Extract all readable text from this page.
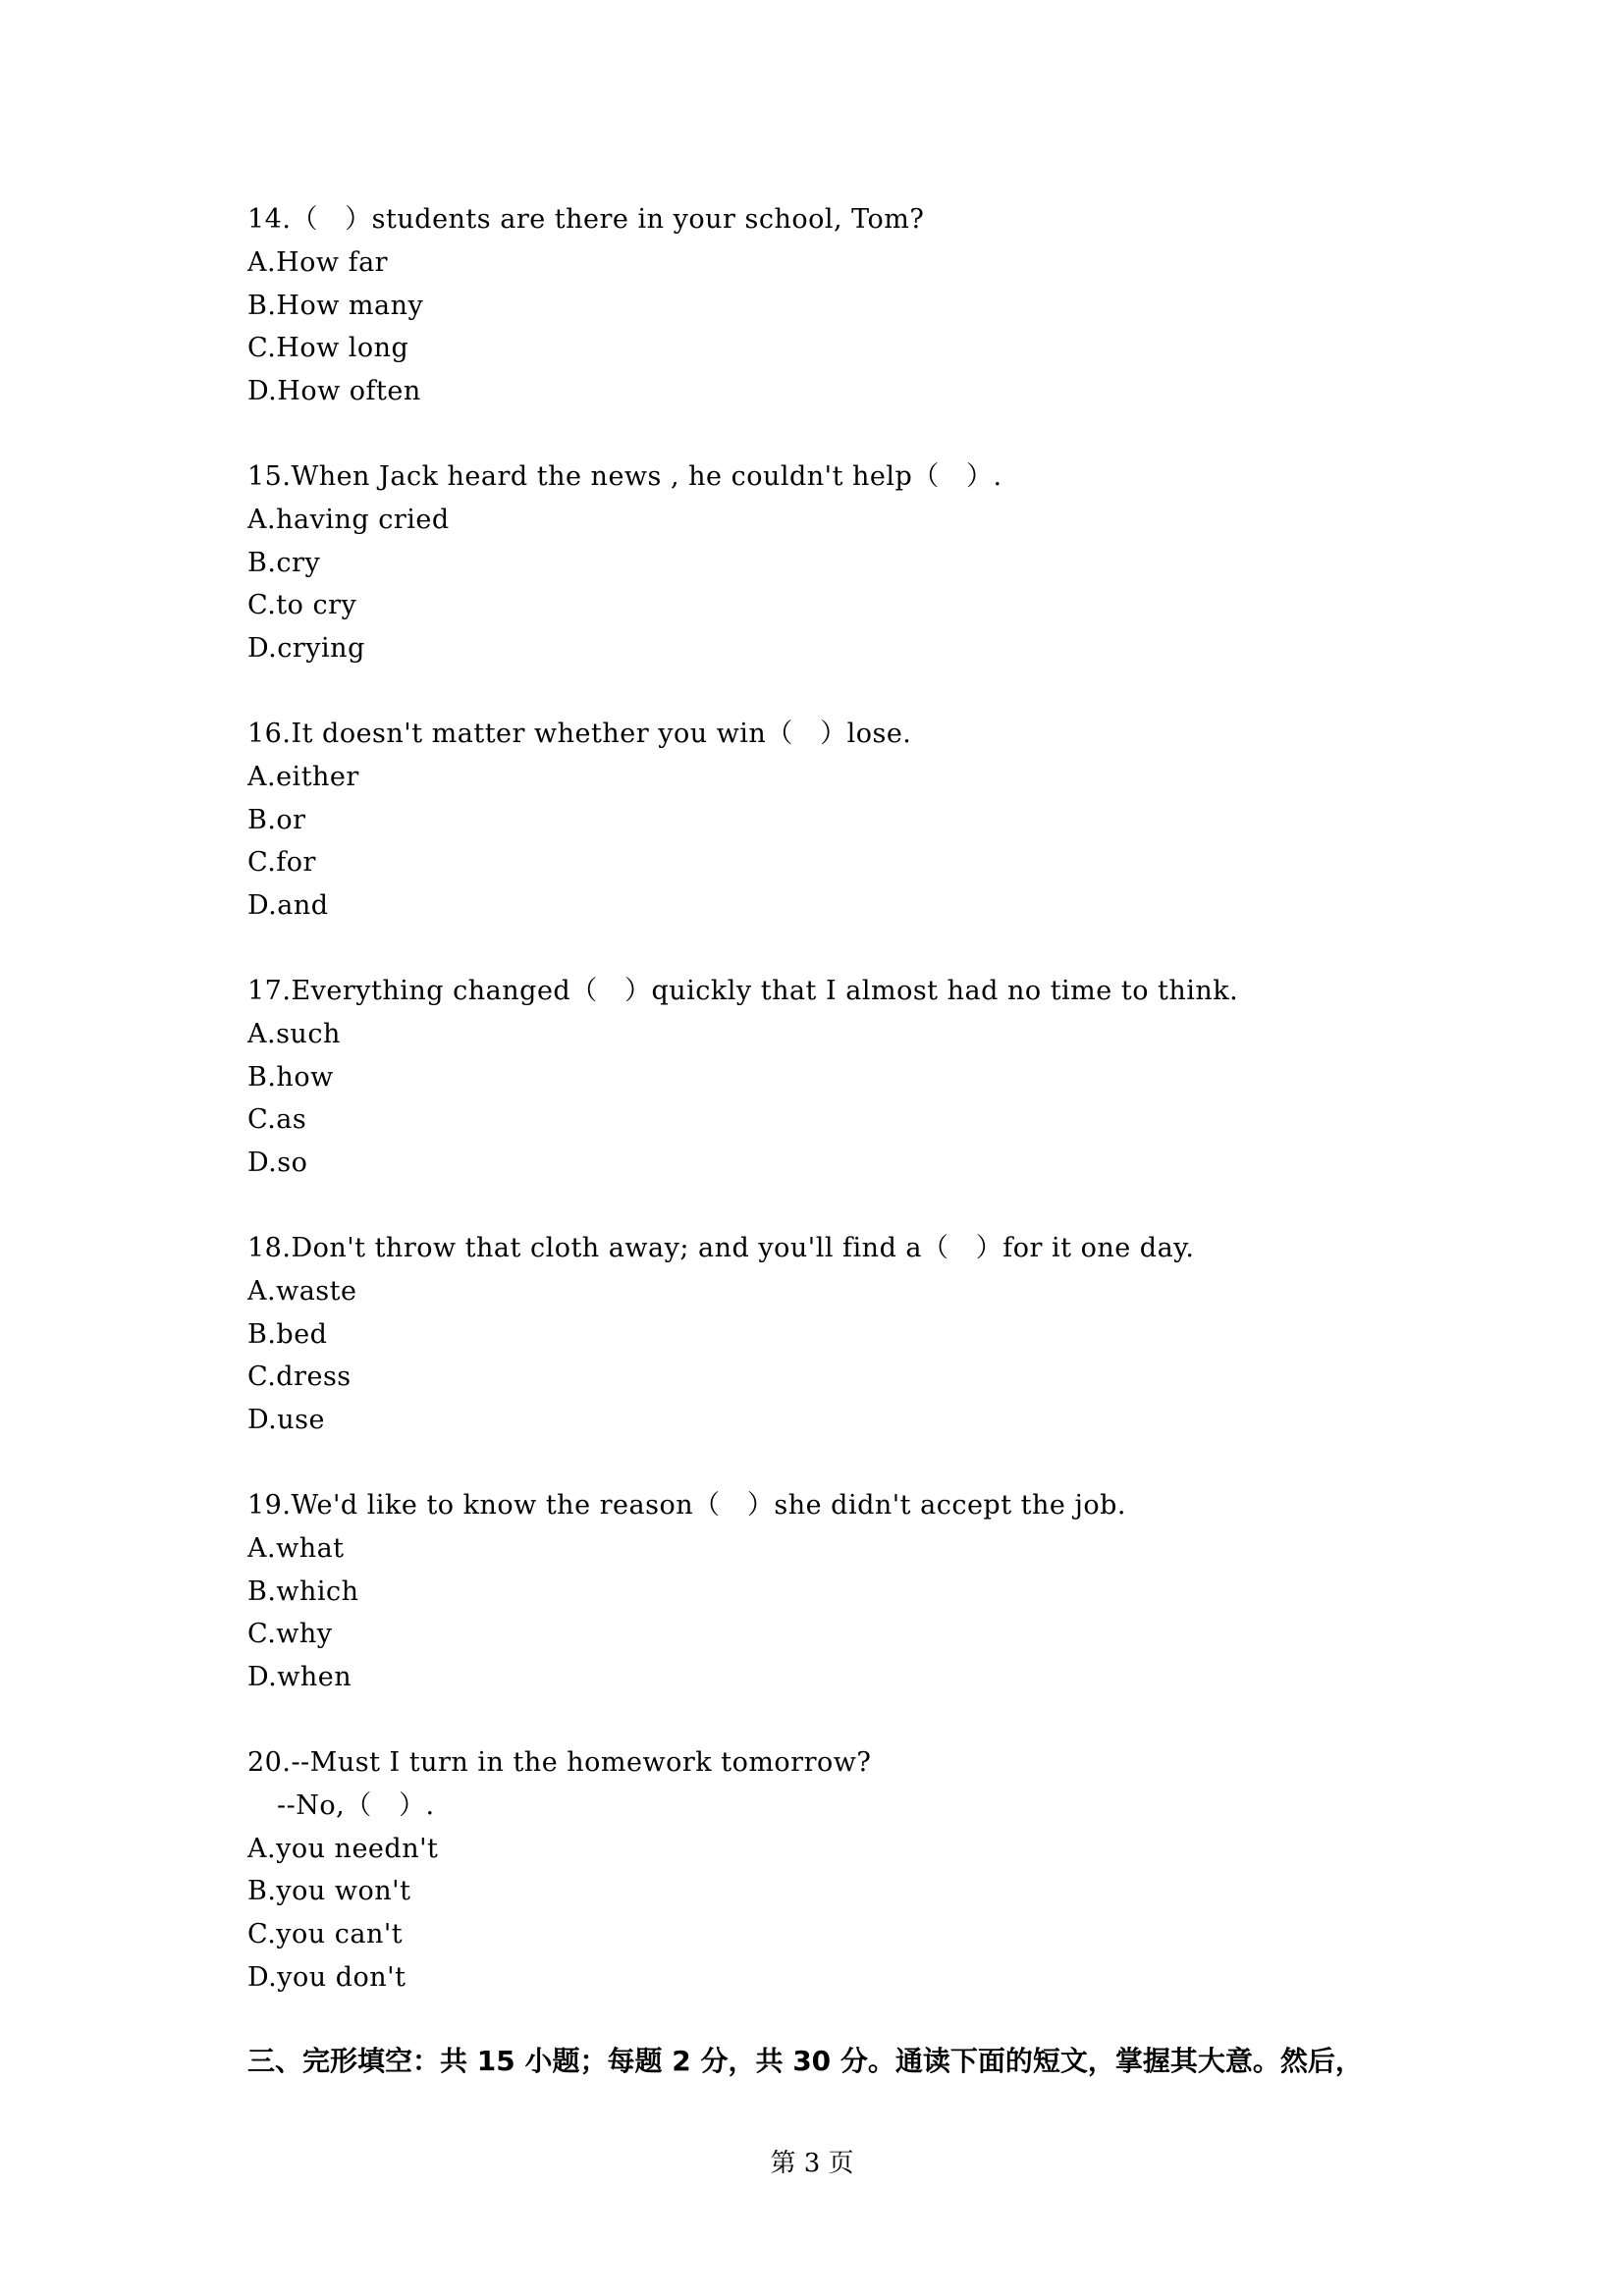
14.（   ）students are there in your school, Tom?
A.How far
B.How many
C.How long
D.How often
15.When Jack heard the news , he couldn't help（   ）.
A.having cried
B.cry
C.to cry
D.crying
16.It doesn't matter whether you win（   ）lose.
A.either
B.or
C.for
D.and
17.Everything changed（   ）quickly that I almost had no time to think.
A.such
B.how
C.as
D.so
18.Don't throw that cloth away; and you'll find a（   ）for it one day.
A.waste
B.bed
C.dress
D.use
19.We'd like to know the reason（   ）she didn't accept the job.
A.what
B.which
C.why
D.when
20.--Must I turn in the homework tomorrow?
--No,（   ）.
A.you needn't
B.you won't
C.you can't
D.you don't
三、完形填空：共 15 小题；每题 2 分，共 30 分。通读下面的短文，掌握其大意。然后，
第 3 页
